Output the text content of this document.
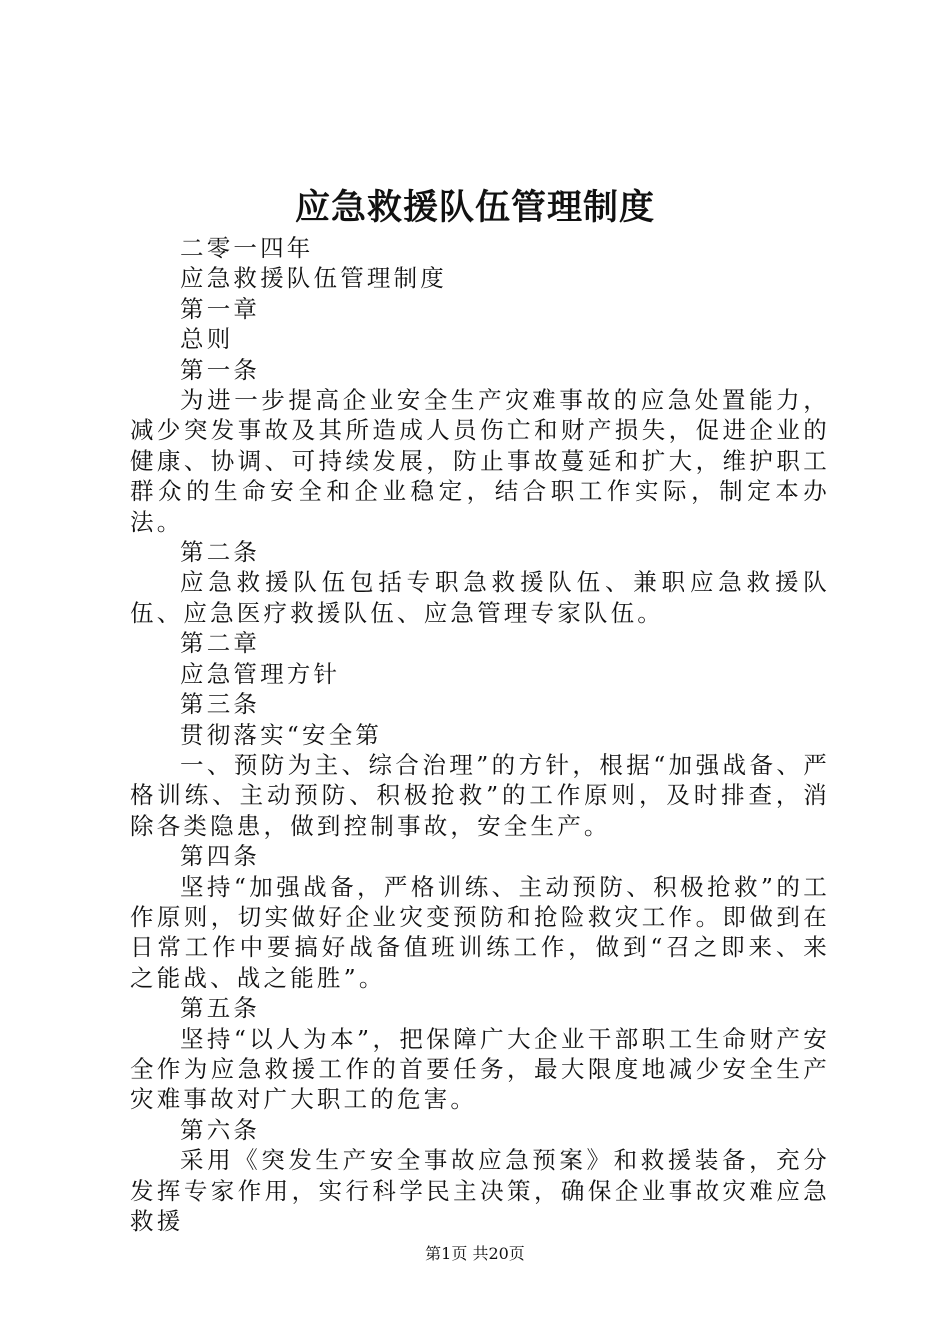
应急救援队伍管理制度

二零一四年

应急救援队伍管理制度

第一章

总则

第一条

为进一步提高企业安全生产灾难事故的应急处置能力，减少突发事故及其所造成人员伤亡和财产损失，促进企业的健康、协调、可持续发展，防止事故蔓延和扩大，维护职工群众的生命安全和企业稳定，结合职工作实际，制定本办法。

第二条

应急救援队伍包括专职急救援队伍、兼职应急救援队伍、应急医疗救援队伍、应急管理专家队伍。

第二章

应急管理方针

第三条

贯彻落实“安全第

一、预防为主、综合治理”的方针，根据“加强战备、严格训练、主动预防、积极抢救”的工作原则，及时排查，消除各类隐患，做到控制事故，安全生产。

第四条

坚持“加强战备，严格训练、主动预防、积极抢救”的工作原则，切实做好企业灾变预防和抢险救灾工作。即做到在日常工作中要搞好战备值班训练工作，做到“召之即来、来之能战、战之能胜”。

第五条

坚持“以人为本”，把保障广大企业干部职工生命财产安全作为应急救援工作的首要任务，最大限度地减少安全生产灾难事故对广大职工的危害。

第六条

采用《突发生产安全事故应急预案》和救援装备，充分发挥专家作用，实行科学民主决策，确保企业事故灾难应急救援

第1页 共20页
